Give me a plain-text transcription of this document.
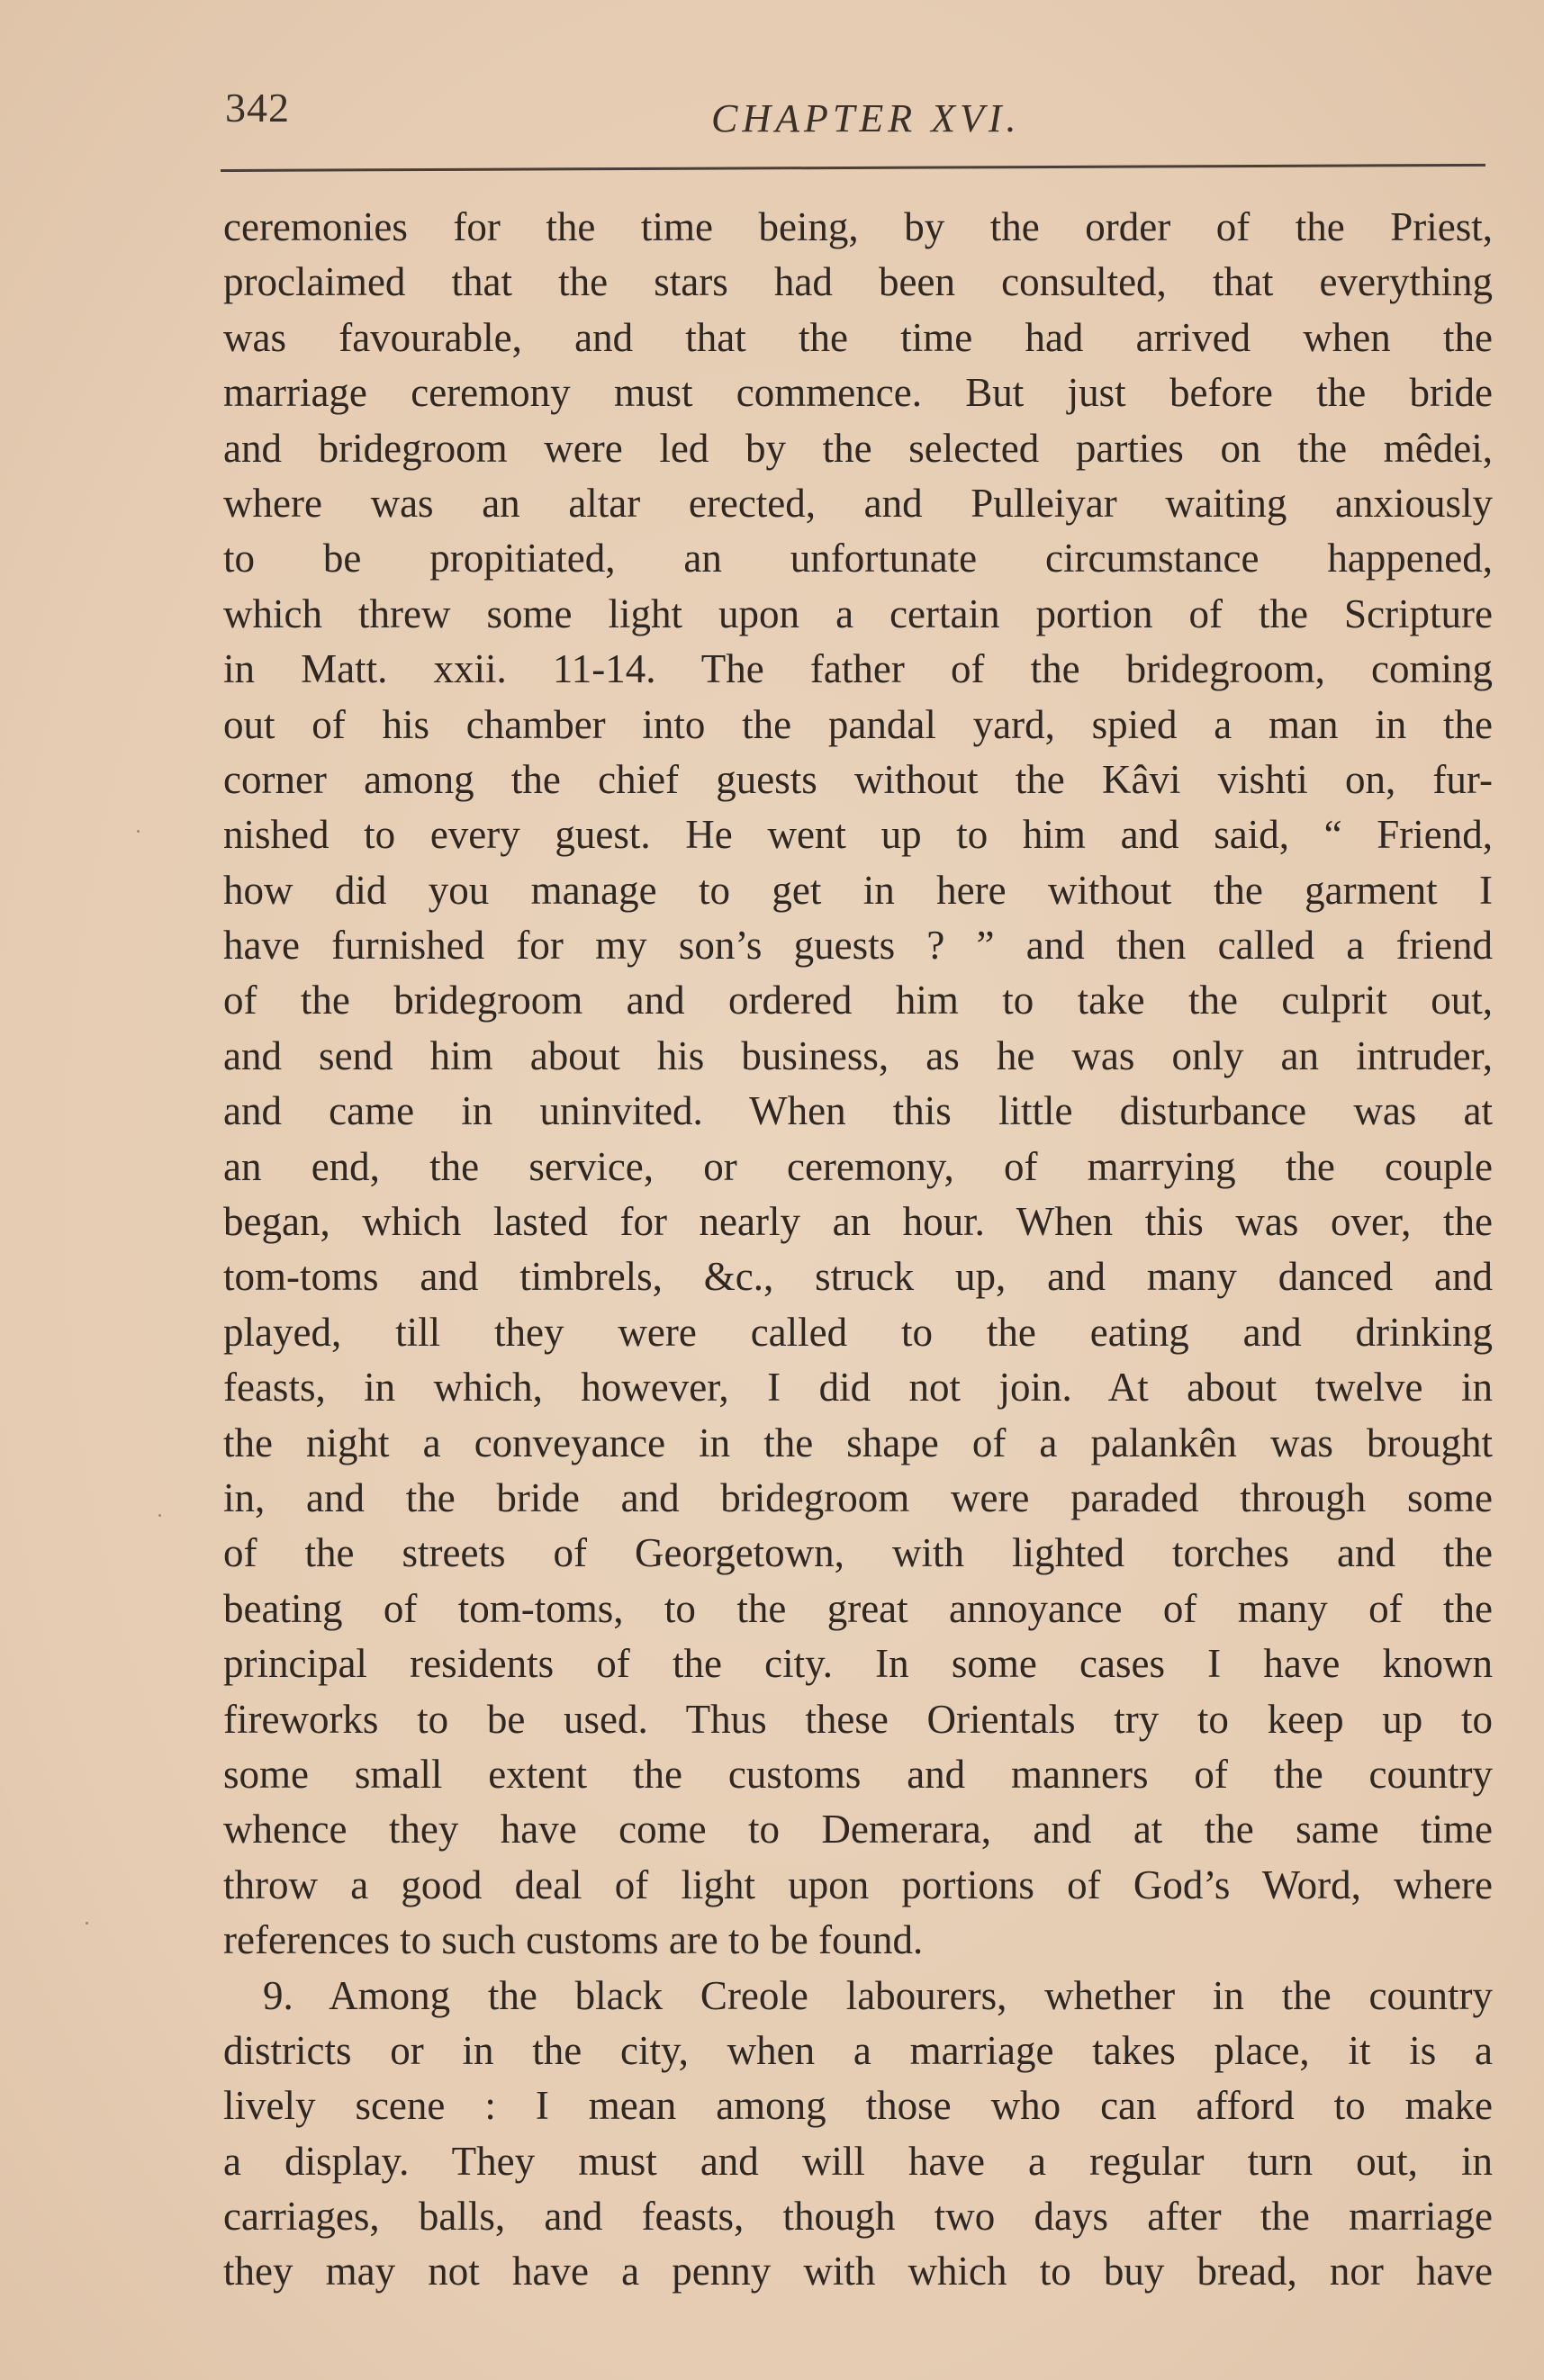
342	CHAPTER XVI.
ceremonies for the time being, by the order of the Priest,
proclaimed that the stars had been consulted, that everything
was favourable, and that the time had arrived when the
marriage ceremony must commence. But just before the bride
and bridegroom were led by the selected parties on the mêdei,
where was an altar erected, and Pulleiyar waiting anxiously
to be propitiated, an unfortunate circumstance happened,
which threw some light upon a certain portion of the Scripture
in Matt. xxii. 11-14. The father of the bridegroom, coming
out of his chamber into the pandal yard, spied a man in the
corner among the chief guests without the Kâvi vishti on, fur-
nished to every guest. He went up to him and said, “ Friend,
how did you manage to get in here without the garment I
have furnished for my son’s guests ? ” and then called a friend
of the bridegroom and ordered him to take the culprit out,
and send him about his business, as he was only an intruder,
and came in uninvited. When this little disturbance was at
an end, the service, or ceremony, of marrying the couple
began, which lasted for nearly an hour. When this was over, the
tom-toms and timbrels, &c., struck up, and many danced and
played, till they were called to the eating and drinking
feasts, in which, however, I did not join. At about twelve in
the night a conveyance in the shape of a palankên was brought
in, and the bride and bridegroom were paraded through some
of the streets of Georgetown, with lighted torches and the
beating of tom-toms, to the great annoyance of many of the
principal residents of the city. In some cases I have known
fireworks to be used. Thus these Orientals try to keep up to
some small extent the customs and manners of the country
whence they have come to Demerara, and at the same time
throw a good deal of light upon portions of God’s Word, where
references to such customs are to be found.
9. Among the black Creole labourers, whether in the country
districts or in the city, when a marriage takes place, it is a
lively scene : I mean among those who can afford to make
a display. They must and will have a regular turn out, in
carriages, balls, and feasts, though two days after the marriage
they may not have a penny with which to buy bread, nor have
